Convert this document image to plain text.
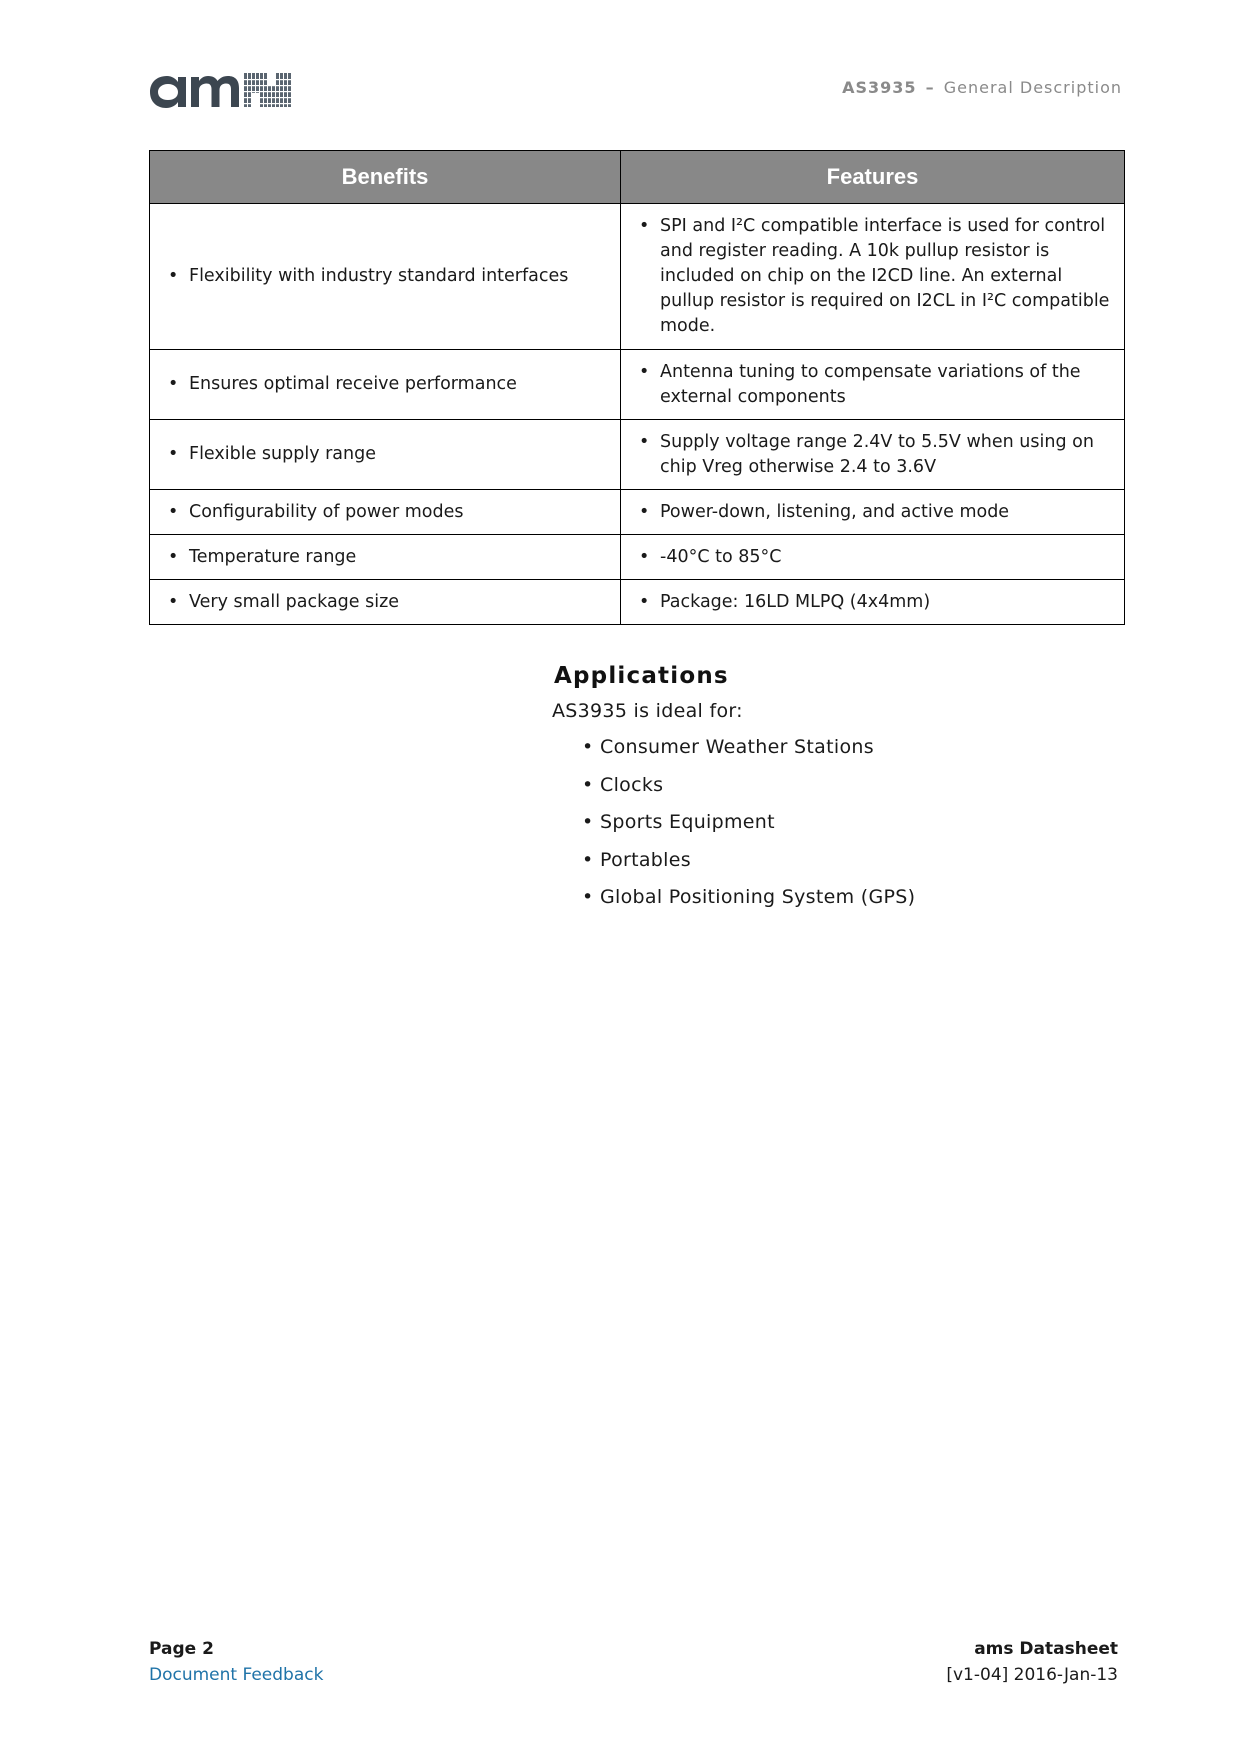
AS3935 – General Description
Benefits	Features

• Flexibility with industry standard interfaces	• SPI and I²C compatible interface is used for control and register reading. A 10k pullup resistor is included on chip on the I2CD line. An external pullup resistor is required on I2CL in I²C compatible mode.

• Ensures optimal receive performance	• Antenna tuning to compensate variations of the external components

• Flexible supply range	• Supply voltage range 2.4V to 5.5V when using on chip Vreg otherwise 2.4 to 3.6V

• Configurability of power modes	• Power-down, listening, and active mode

• Temperature range	• -40°C to 85°C

• Very small package size	• Package: 16LD MLPQ (4x4mm)
Applications

AS3935 is ideal for:

• Consumer Weather Stations
• Clocks
• Sports Equipment
• Portables
• Global Positioning System (GPS)
Page 2
Document Feedback
ams Datasheet
[v1-04] 2016-Jan-13
